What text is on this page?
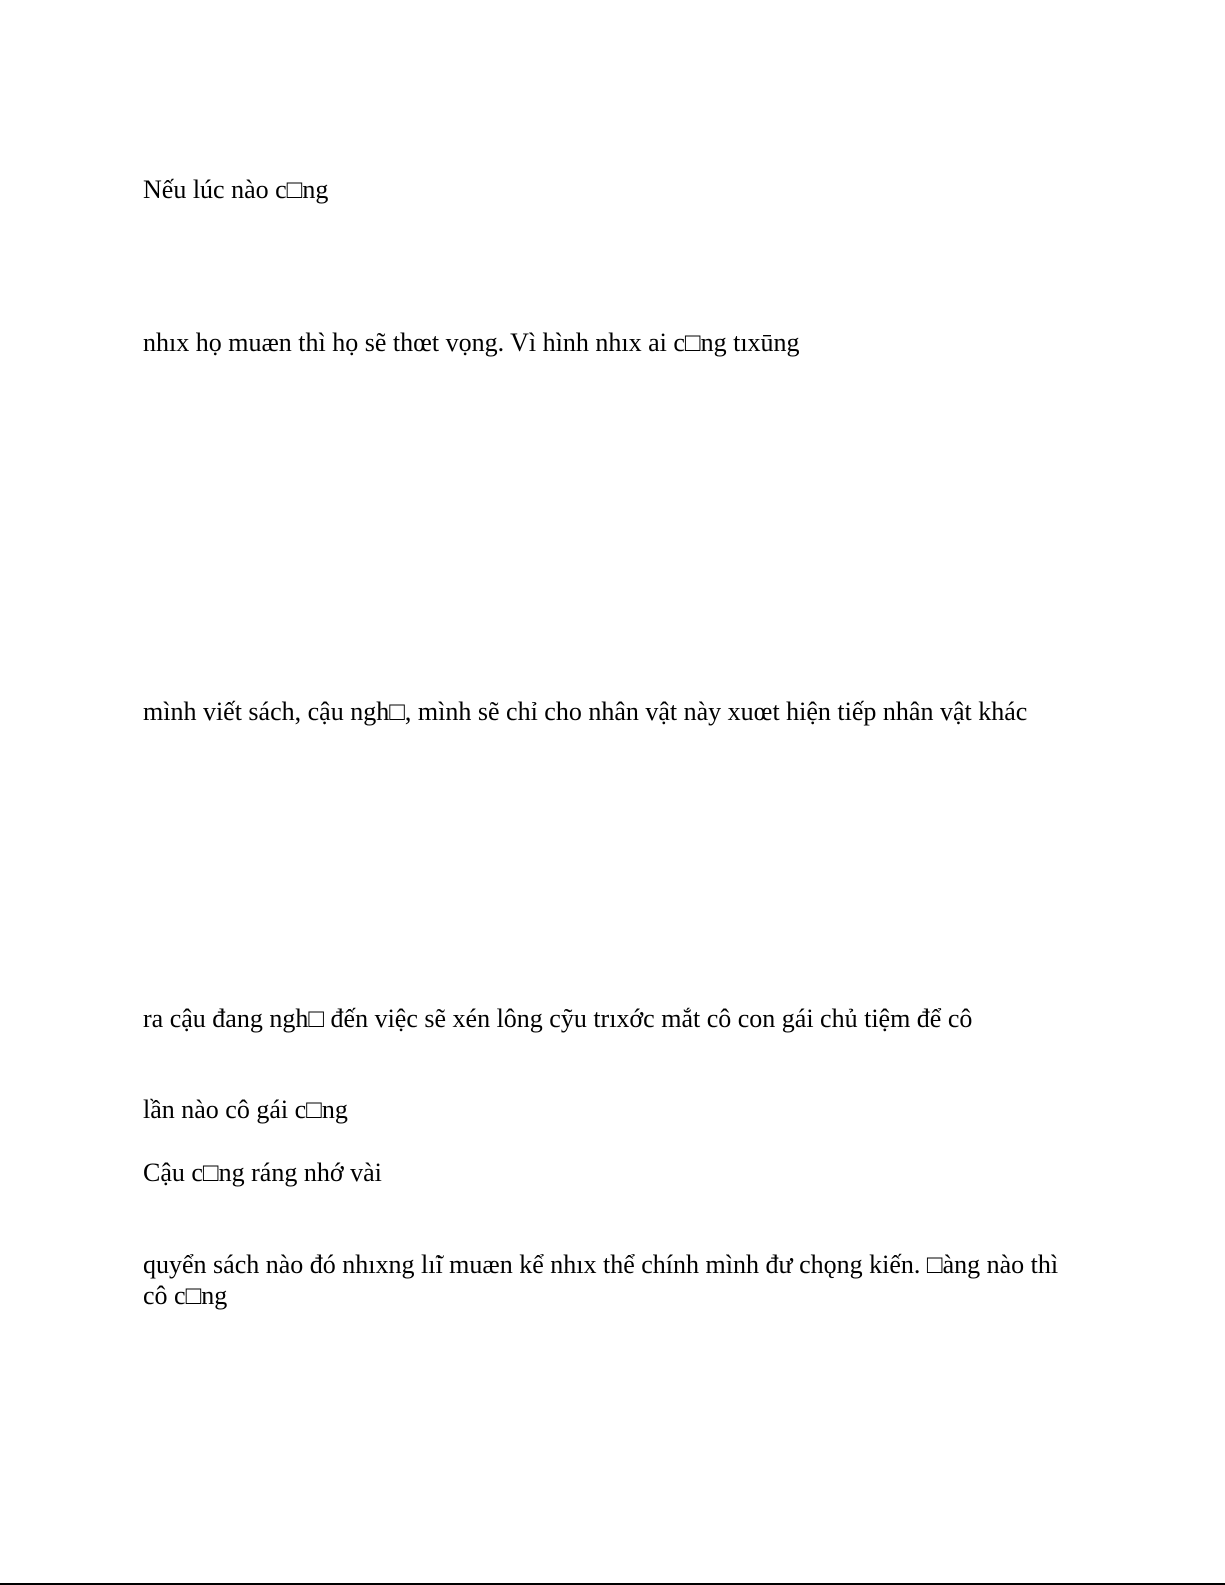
Nếu lúc nào c□ng

nhıх họ muæn thì họ sẽ thœt vọng. Vì hình nhıх ai c□ng tıхūng

mình viết sách, cậu ngh□, mình sẽ chỉ cho nhân vật này xuœt hiện tiếp nhân vật khác

ra cậu đang ngh□ đến việc sẽ xén lông cỹu trıхớc mắt cô con gái chủ tiệm để cô

lần nào cô gái c□ng

Cậu c□ng ráng nhớ vài

quyển sách nào đó nhıхng lı̃i muæn kể nhıх thể chính mình đư chǫng kiến. □àng nào thì cô c□ng
